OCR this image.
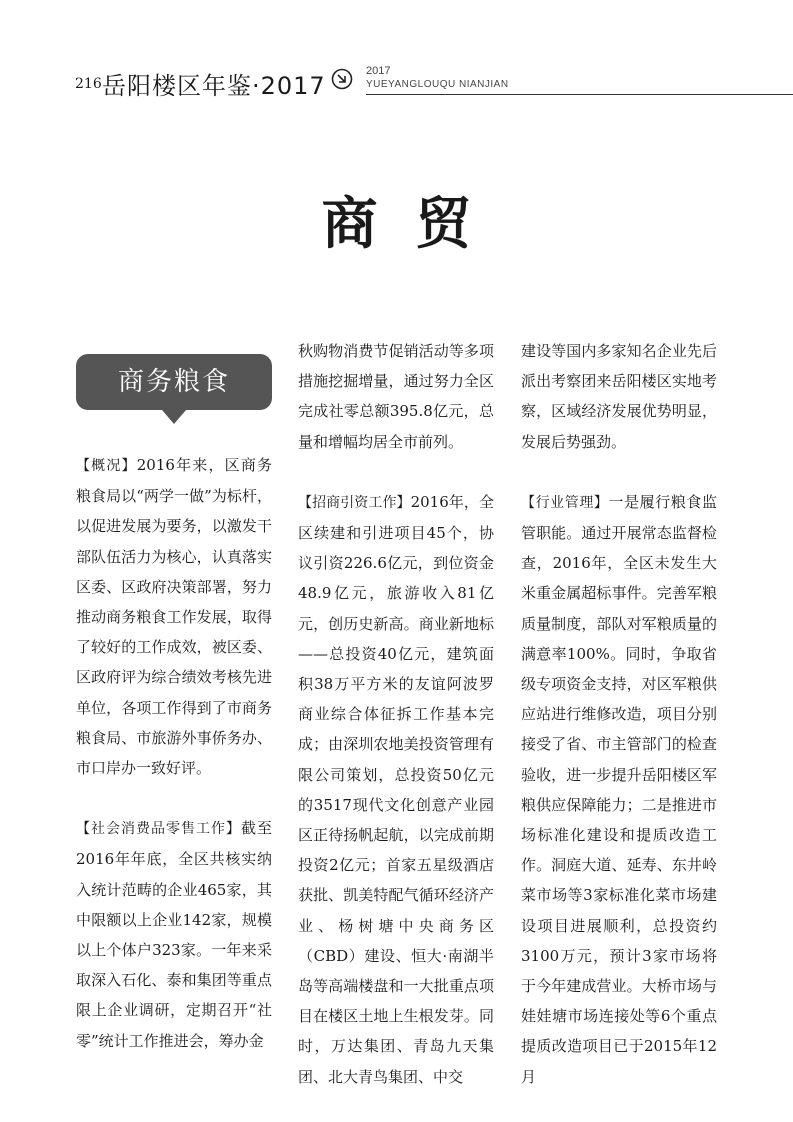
216 岳阳楼区年鉴·2017
2017
YUEYANGLOUQU NIANJIAN
商贸
商务粮食

【概况】2016年来，区商务粮食局以“两学一做”为标杆，以促进发展为要务，以激发干部队伍活力为核心，认真落实区委、区政府决策部署，努力推动商务粮食工作发展，取得了较好的工作成效，被区委、区政府评为综合绩效考核先进单位，各项工作得到了市商务粮食局、市旅游外事侨务办、市口岸办一致好评。

【社会消费品零售工作】截至2016年年底，全区共核实纳入统计范畴的企业465家，其中限额以上企业142家，规模以上个体户323家。一年来采取深入石化、泰和集团等重点限上企业调研，定期召开“社零”统计工作推进会，筹办金

秋购物消费节促销活动等多项措施挖掘增量，通过努力全区完成社零总额395.8亿元，总量和增幅均居全市前列。

【招商引资工作】2016年，全区续建和引进项目45个，协议引资226.6亿元，到位资金48.9亿元，旅游收入81亿元，创历史新高。商业新地标——总投资40亿元，建筑面积38万平方米的友谊阿波罗商业综合体征拆工作基本完成；由深圳农地美投资管理有限公司策划，总投资50亿元的3517现代文化创意产业园区正待扬帆起航，以完成前期投资2亿元；首家五星级酒店获批、凯美特配气循环经济产业、杨树塘中央商务区（CBD）建设、恒大·南湖半岛等高端楼盘和一大批重点项目在楼区土地上生根发芽。同时，万达集团、青岛九天集团、北大青鸟集团、中交

建设等国内多家知名企业先后派出考察团来岳阳楼区实地考察，区域经济发展优势明显，发展后势强劲。

【行业管理】一是履行粮食监管职能。通过开展常态监督检查，2016年，全区未发生大米重金属超标事件。完善军粮质量制度，部队对军粮质量的满意率100%。同时，争取省级专项资金支持，对区军粮供应站进行维修改造，项目分别接受了省、市主管部门的检查验收，进一步提升岳阳楼区军粮供应保障能力；二是推进市场标准化建设和提质改造工作。洞庭大道、延寿、东井岭菜市场等3家标准化菜市场建设项目进展顺利，总投资约3100万元，预计3家市场将于今年建成营业。大桥市场与娃娃塘市场连接处等6个重点提质改造项目已于2015年12月
